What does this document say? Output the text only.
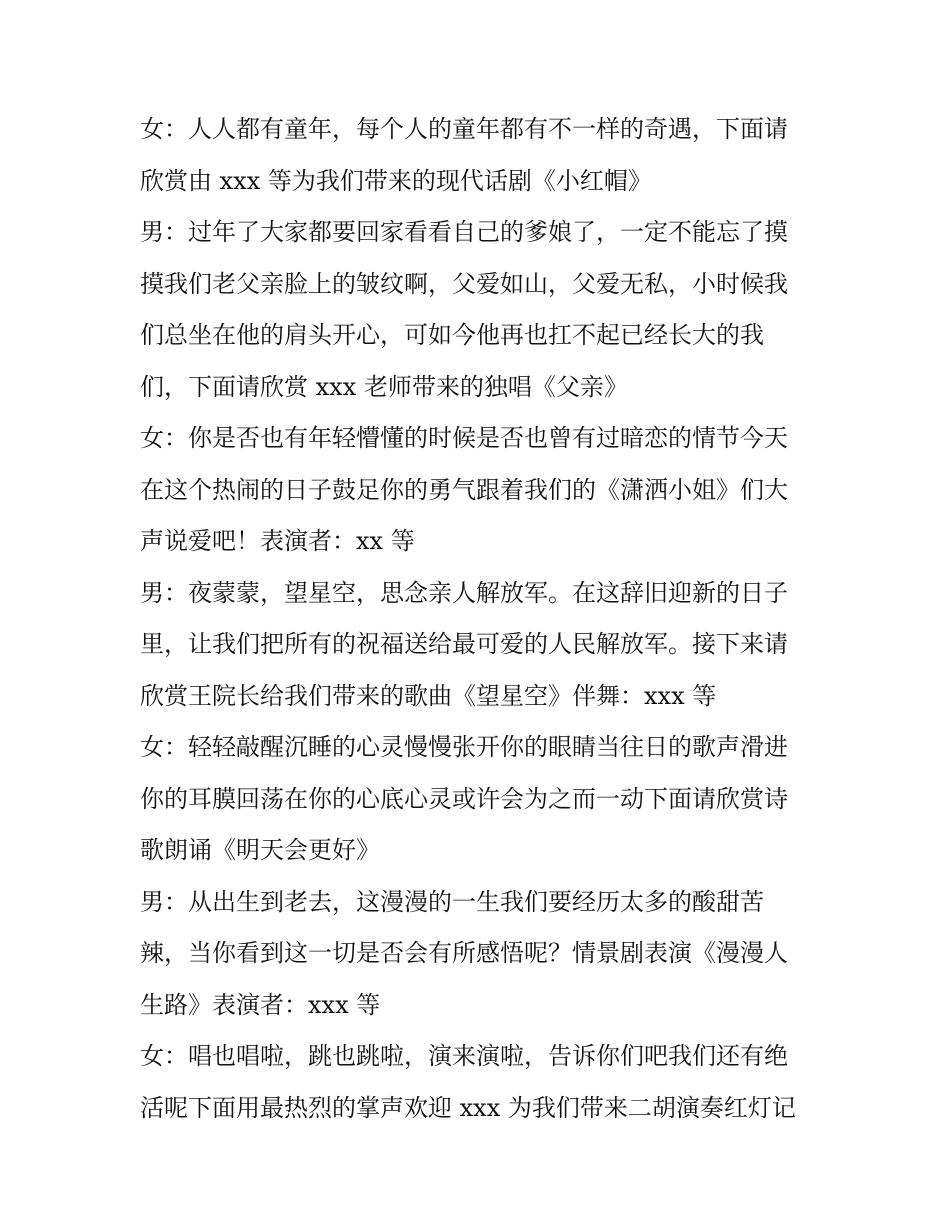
女：人人都有童年，每个人的童年都有不一样的奇遇，下面请
欣赏由 xxx 等为我们带来的现代话剧《小红帽》
男：过年了大家都要回家看看自己的爹娘了，一定不能忘了摸
摸我们老父亲脸上的皱纹啊，父爱如山，父爱无私，小时候我
们总坐在他的肩头开心，可如今他再也扛不起已经长大的我
们，下面请欣赏 xxx 老师带来的独唱《父亲》
女：你是否也有年轻懵懂的时候是否也曾有过暗恋的情节今天
在这个热闹的日子鼓足你的勇气跟着我们的《潇洒小姐》们大
声说爱吧！表演者：xx 等
男：夜蒙蒙，望星空，思念亲人解放军。在这辞旧迎新的日子
里，让我们把所有的祝福送给最可爱的人民解放军。接下来请
欣赏王院长给我们带来的歌曲《望星空》伴舞：xxx 等
女：轻轻敲醒沉睡的心灵慢慢张开你的眼睛当往日的歌声滑进
你的耳膜回荡在你的心底心灵或许会为之而一动下面请欣赏诗
歌朗诵《明天会更好》
男：从出生到老去，这漫漫的一生我们要经历太多的酸甜苦
辣，当你看到这一切是否会有所感悟呢？情景剧表演《漫漫人
生路》表演者：xxx 等
女：唱也唱啦，跳也跳啦，演来演啦，告诉你们吧我们还有绝
活呢下面用最热烈的掌声欢迎 xxx 为我们带来二胡演奏红灯记
